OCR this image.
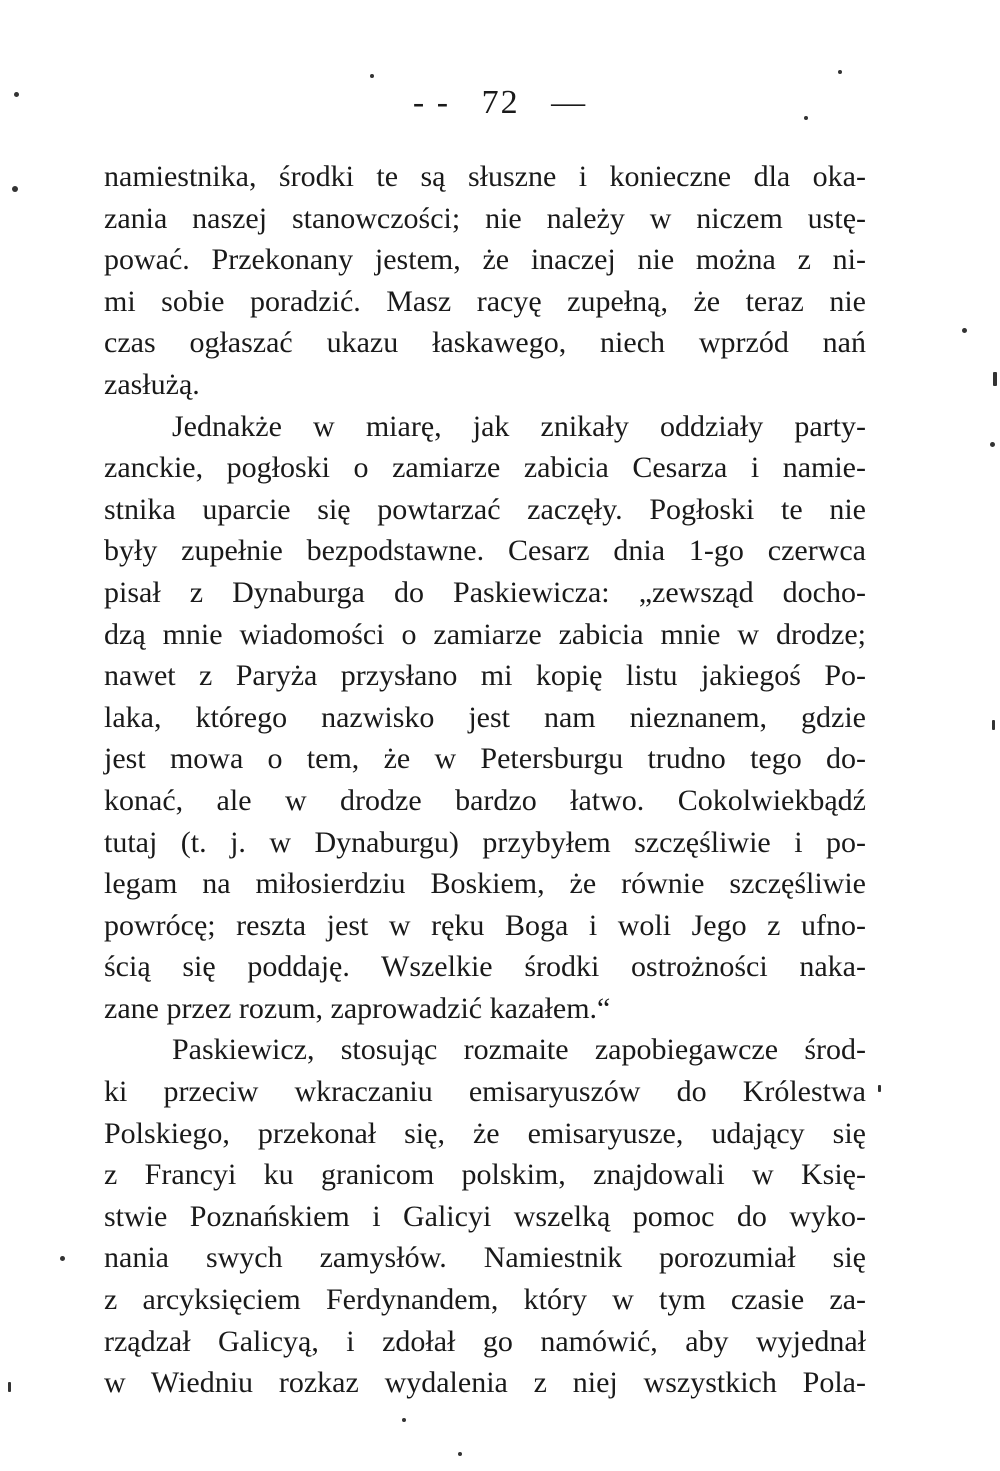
- - 72 —
namiestnika, środki te są słuszne i konieczne dla oka-
zania naszej stanowczości; nie należy w niczem ustę-
pować. Przekonany jestem, że inaczej nie można z ni-
mi sobie poradzić. Masz racyę zupełną, że teraz nie
czas ogłaszać ukazu łaskawego, niech wprzód nań
zasłużą.
Jednakże w miarę, jak znikały oddziały party-
zanckie, pogłoski o zamiarze zabicia Cesarza i namie-
stnika uparcie się powtarzać zaczęły. Pogłoski te nie
były zupełnie bezpodstawne. Cesarz dnia 1-go czerwca
pisał z Dynaburga do Paskiewicza: „zewsząd docho-
dzą mnie wiadomości o zamiarze zabicia mnie w drodze;
nawet z Paryża przysłano mi kopię listu jakiegoś Po-
laka, którego nazwisko jest nam nieznanem, gdzie
jest mowa o tem, że w Petersburgu trudno tego do-
konać, ale w drodze bardzo łatwo. Cokolwiekbądź
tutaj (t. j. w Dynaburgu) przybyłem szczęśliwie i po-
legam na miłosierdziu Boskiem, że równie szczęśliwie
powrócę; reszta jest w ręku Boga i woli Jego z ufno-
ścią się poddaję. Wszelkie środki ostrożności naka-
zane przez rozum, zaprowadzić kazałem.“
Paskiewicz, stosując rozmaite zapobiegawcze środ-
ki przeciw wkraczaniu emisaryuszów do Królestwa
Polskiego, przekonał się, że emisaryusze, udający się
z Francyi ku granicom polskim, znajdowali w Księ-
stwie Poznańskiem i Galicyi wszelką pomoc do wyko-
nania swych zamysłów. Namiestnik porozumiał się
z arcyksięciem Ferdynandem, który w tym czasie za-
rządzał Galicyą, i zdołał go namówić, aby wyjednał
w Wiedniu rozkaz wydalenia z niej wszystkich Pola-
